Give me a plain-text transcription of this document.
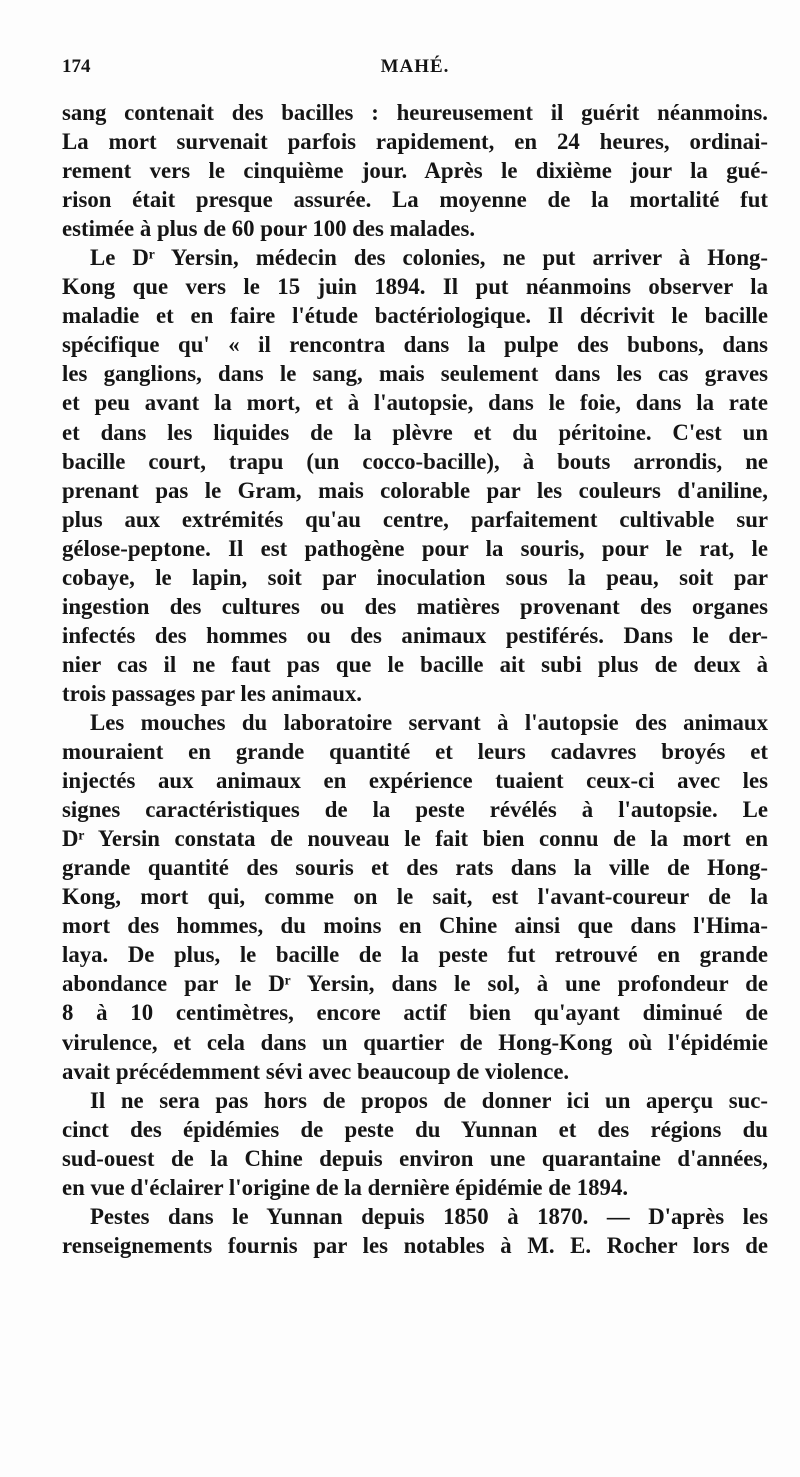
174	MAHÉ.
sang contenait des bacilles : heureusement il guérit néanmoins.
La mort survenait parfois rapidement, en 24 heures, ordinai-
rement vers le cinquième jour. Après le dixième jour la gué-
rison était presque assurée. La moyenne de la mortalité fut
estimée à plus de 60 pour 100 des malades.
Le Dʳ Yersin, médecin des colonies, ne put arriver à Hong-
Kong que vers le 15 juin 1894. Il put néanmoins observer la
maladie et en faire l'étude bactériologique. Il décrivit le bacille
spécifique qu' « il rencontra dans la pulpe des bubons, dans
les ganglions, dans le sang, mais seulement dans les cas graves
et peu avant la mort, et à l'autopsie, dans le foie, dans la rate
et dans les liquides de la plèvre et du péritoine. C'est un
bacille court, trapu (un cocco-bacille), à bouts arrondis, ne
prenant pas le Gram, mais colorable par les couleurs d'aniline,
plus aux extrémités qu'au centre, parfaitement cultivable sur
gélose-peptone. Il est pathogène pour la souris, pour le rat, le
cobaye, le lapin, soit par inoculation sous la peau, soit par
ingestion des cultures ou des matières provenant des organes
infectés des hommes ou des animaux pestiférés. Dans le der-
nier cas il ne faut pas que le bacille ait subi plus de deux à
trois passages par les animaux.
Les mouches du laboratoire servant à l'autopsie des animaux
mouraient en grande quantité et leurs cadavres broyés et
injectés aux animaux en expérience tuaient ceux-ci avec les
signes caractéristiques de la peste révélés à l'autopsie. Le
Dʳ Yersin constata de nouveau le fait bien connu de la mort en
grande quantité des souris et des rats dans la ville de Hong-
Kong, mort qui, comme on le sait, est l'avant-coureur de la
mort des hommes, du moins en Chine ainsi que dans l'Hima-
laya. De plus, le bacille de la peste fut retrouvé en grande
abondance par le Dʳ Yersin, dans le sol, à une profondeur de
8 à 10 centimètres, encore actif bien qu'ayant diminué de
virulence, et cela dans un quartier de Hong-Kong où l'épidémie
avait précédemment sévi avec beaucoup de violence.
Il ne sera pas hors de propos de donner ici un aperçu suc-
cinct des épidémies de peste du Yunnan et des régions du
sud-ouest de la Chine depuis environ une quarantaine d'années,
en vue d'éclairer l'origine de la dernière épidémie de 1894.
Pestes dans le Yunnan depuis 1850 à 1870. — D'après les
renseignements fournis par les notables à M. E. Rocher lors de
